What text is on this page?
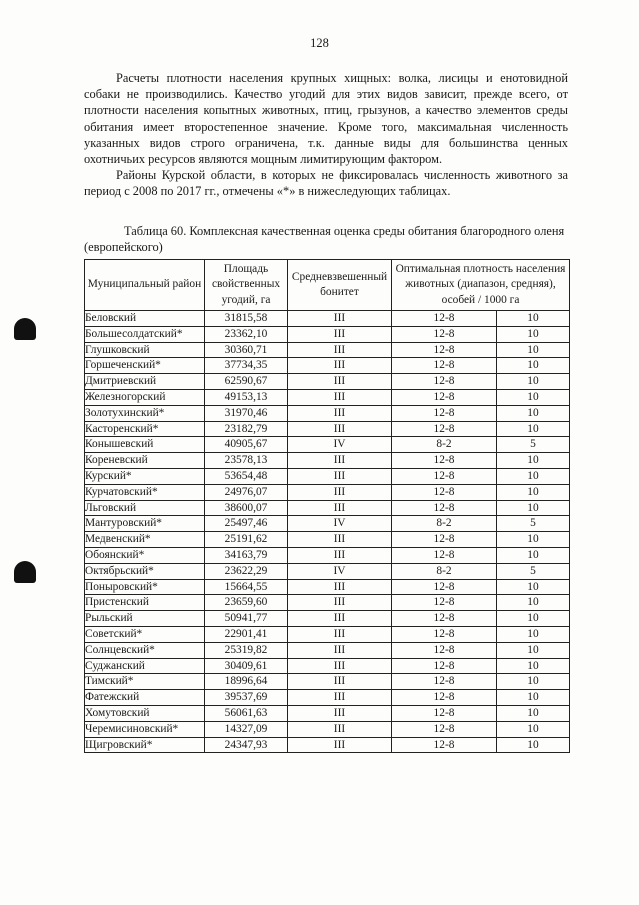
128

Расчеты плотности населения крупных хищных: волка, лисицы и енотовидной собаки не производились. Качество угодий для этих видов зависит, прежде всего, от плотности населения копытных животных, птиц, грызунов, а качество элементов среды обитания имеет второстепенное значение. Кроме того, максимальная численность указанных видов строго ограничена, т.к. данные виды для большинства ценных охотничьих ресурсов являются мощным лимитирующим фактором.

Районы Курской области, в которых не фиксировалась численность животного за период с 2008 по 2017 гг., отмечены «*» в нижеследующих таблицах.

Таблица 60. Комплексная качественная оценка среды обитания благородного оленя
(европейского)
Муниципальный район	Площадь свойственных угодий, га	Средневзвешенный бонитет	Оптимальная плотность населения животных (диапазон, средняя), особей / 1000 га	
Беловский	31815,58	III	12-8	10
Большесолдатский*	23362,10	III	12-8	10
Глушковский	30360,71	III	12-8	10
Горшеченский*	37734,35	III	12-8	10
Дмитриевский	62590,67	III	12-8	10
Железногорский	49153,13	III	12-8	10
Золотухинский*	31970,46	III	12-8	10
Касторенский*	23182,79	III	12-8	10
Конышевский	40905,67	IV	8-2	5
Кореневский	23578,13	III	12-8	10
Курский*	53654,48	III	12-8	10
Курчатовский*	24976,07	III	12-8	10
Льговский	38600,07	III	12-8	10
Мантуровский*	25497,46	IV	8-2	5
Медвенский*	25191,62	III	12-8	10
Обоянский*	34163,79	III	12-8	10
Октябрьский*	23622,29	IV	8-2	5
Поныровский*	15664,55	III	12-8	10
Пристенский	23659,60	III	12-8	10
Рыльский	50941,77	III	12-8	10
Советский*	22901,41	III	12-8	10
Солнцевский*	25319,82	III	12-8	10
Суджанский	30409,61	III	12-8	10
Тимский*	18996,64	III	12-8	10
Фатежский	39537,69	III	12-8	10
Хомутовский	56061,63	III	12-8	10
Черемисиновский*	14327,09	III	12-8	10
Щигровский*	24347,93	III	12-8	10
